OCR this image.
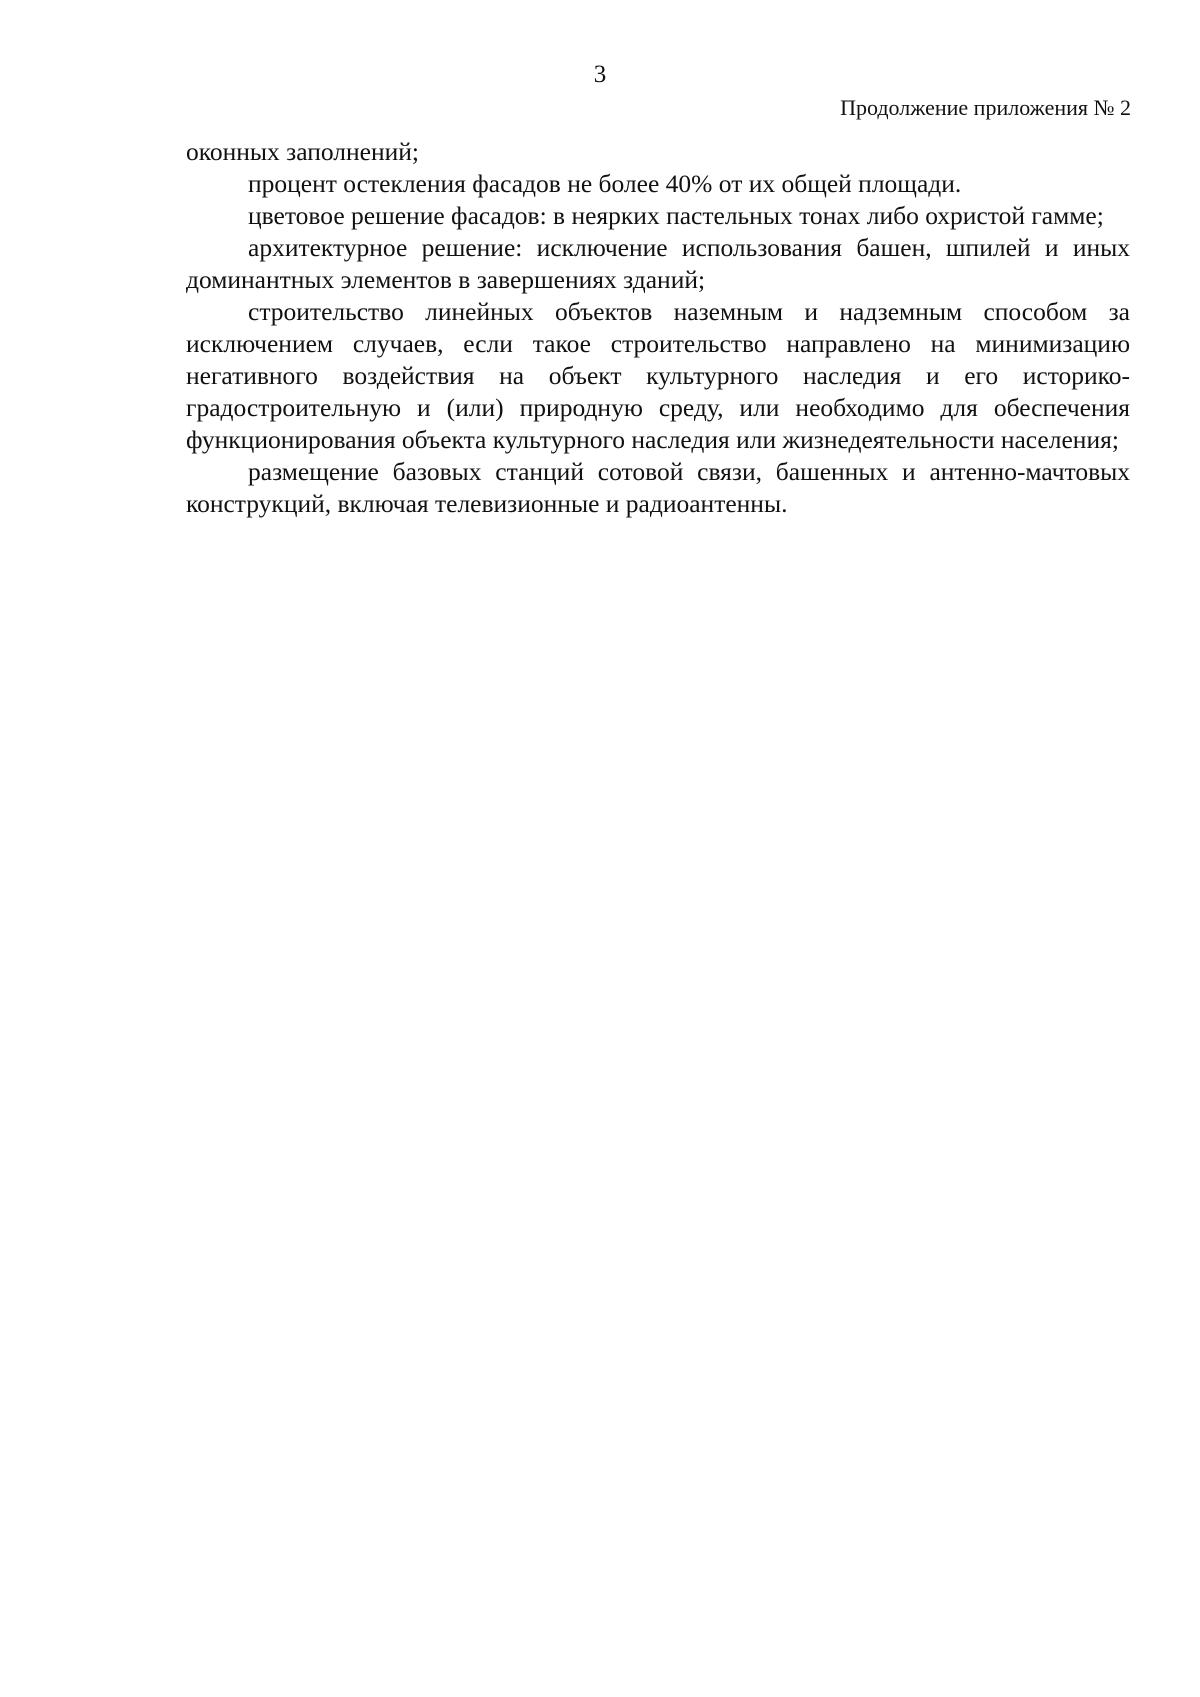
3
Продолжение приложения № 2

оконных заполнений;

процент остекления фасадов не более 40% от их общей площади.

цветовое решение фасадов: в неярких пастельных тонах либо охристой гамме;

архитектурное решение: исключение использования башен, шпилей и иных доминантных элементов в завершениях зданий;

строительство линейных объектов наземным и надземным способом за исключением случаев, если такое строительство направлено на минимизацию негативного воздействия на объект культурного наследия и его историко-градостроительную и (или) природную среду, или необходимо для обеспечения функционирования объекта культурного наследия или жизнедеятельности населения;

размещение базовых станций сотовой связи, башенных и антенно-мачтовых конструкций, включая телевизионные и радиоантенны.
